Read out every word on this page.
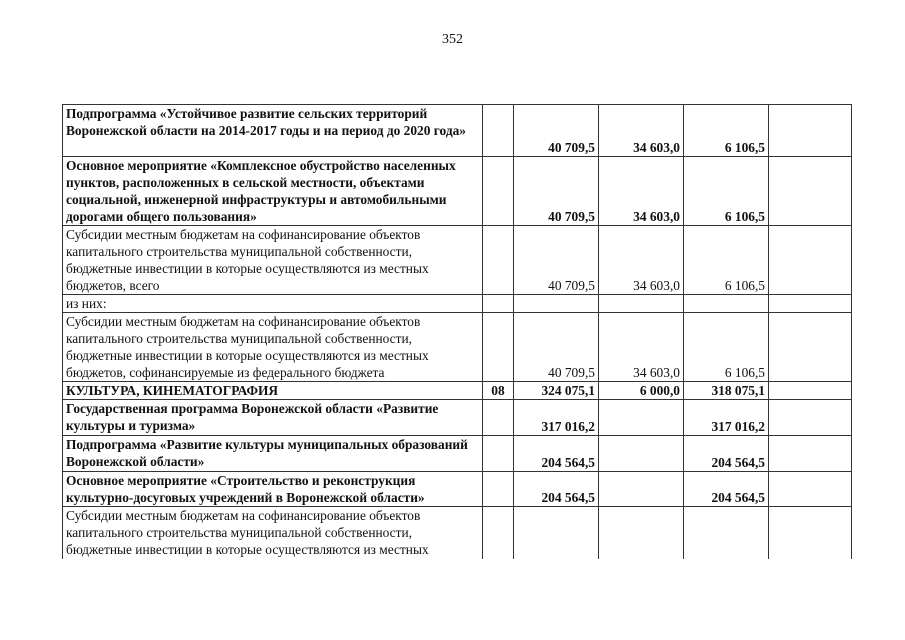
352
Подпрограмма «Устойчивое развитие сельских территорий Воронежской области на 2014-2017 годы и на период до 2020 года»		40 709,5	34 603,0	6 106,5	
Основное мероприятие «Комплексное обустройство населенных пунктов, расположенных в сельской местности, объектами социальной, инженерной инфраструктуры и автомобильными дорогами общего пользования»		40 709,5	34 603,0	6 106,5	
Субсидии местным бюджетам на софинансирование объектов капитального строительства муниципальной собственности, бюджетные инвестиции в которые осуществляются из местных бюджетов, всего		40 709,5	34 603,0	6 106,5	
из них:					
Субсидии местным бюджетам на софинансирование объектов капитального строительства муниципальной собственности, бюджетные инвестиции в которые осуществляются из местных бюджетов, софинансируемые из федерального бюджета		40 709,5	34 603,0	6 106,5	
КУЛЬТУРА, КИНЕМАТОГРАФИЯ	08	324 075,1	6 000,0	318 075,1	
Государственная программа Воронежской области «Развитие культуры и туризма»		317 016,2		317 016,2	
Подпрограмма «Развитие культуры муниципальных образований Воронежской области»		204 564,5		204 564,5	
Основное мероприятие «Строительство и реконструкция культурно-досуговых учреждений в Воронежской области»		204 564,5		204 564,5	
Субсидии местным бюджетам на софинансирование объектов капитального строительства муниципальной собственности, бюджетные инвестиции в которые осуществляются из местных					
